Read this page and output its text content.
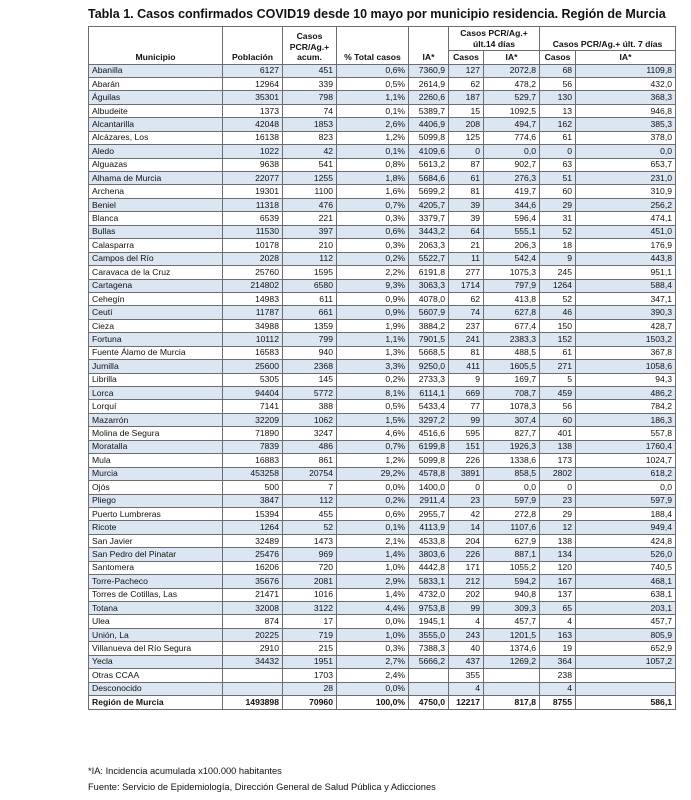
Tabla 1. Casos confirmados COVID19 desde 10 mayo por municipio residencia. Región de Murcia
Municipio	Población	Casos PCR/Ag.+ acum.	% Total casos	IA*	Casos PCR/Ag.+ últ.14 días		Casos PCR/Ag.+ últ. 7 días	
					Casos	IA*	Casos	IA*
Abanilla	6127	451	0,6%	7360,9	127	2072,8	68	1109,8
Abarán	12964	339	0,5%	2614,9	62	478,2	56	432,0
Águilas	35301	798	1,1%	2260,6	187	529,7	130	368,3
Albudeite	1373	74	0,1%	5389,7	15	1092,5	13	946,8
Alcantarilla	42048	1853	2,6%	4406,9	208	494,7	162	385,3
Alcázares, Los	16138	823	1,2%	5099,8	125	774,6	61	378,0
Aledo	1022	42	0,1%	4109,6	0	0,0	0	0,0
Alguazas	9638	541	0,8%	5613,2	87	902,7	63	653,7
Alhama de Murcia	22077	1255	1,8%	5684,6	61	276,3	51	231,0
Archena	19301	1100	1,6%	5699,2	81	419,7	60	310,9
Beniel	11318	476	0,7%	4205,7	39	344,6	29	256,2
Blanca	6539	221	0,3%	3379,7	39	596,4	31	474,1
Bullas	11530	397	0,6%	3443,2	64	555,1	52	451,0
Calasparra	10178	210	0,3%	2063,3	21	206,3	18	176,9
Campos del Río	2028	112	0,2%	5522,7	11	542,4	9	443,8
Caravaca de la Cruz	25760	1595	2,2%	6191,8	277	1075,3	245	951,1
Cartagena	214802	6580	9,3%	3063,3	1714	797,9	1264	588,4
Cehegín	14983	611	0,9%	4078,0	62	413,8	52	347,1
Ceutí	11787	661	0,9%	5607,9	74	627,8	46	390,3
Cieza	34988	1359	1,9%	3884,2	237	677,4	150	428,7
Fortuna	10112	799	1,1%	7901,5	241	2383,3	152	1503,2
Fuente Álamo de Murcia	16583	940	1,3%	5668,5	81	488,5	61	367,8
Jumilla	25600	2368	3,3%	9250,0	411	1605,5	271	1058,6
Librilla	5305	145	0,2%	2733,3	9	169,7	5	94,3
Lorca	94404	5772	8,1%	6114,1	669	708,7	459	486,2
Lorquí	7141	388	0,5%	5433,4	77	1078,3	56	784,2
Mazarrón	32209	1062	1,5%	3297,2	99	307,4	60	186,3
Molina de Segura	71890	3247	4,6%	4516,6	595	827,7	401	557,8
Moratalla	7839	486	0,7%	6199,8	151	1926,3	138	1760,4
Mula	16883	861	1,2%	5099,8	226	1338,6	173	1024,7
Murcia	453258	20754	29,2%	4578,8	3891	858,5	2802	618,2
Ojós	500	7	0,0%	1400,0	0	0,0	0	0,0
Pliego	3847	112	0,2%	2911,4	23	597,9	23	597,9
Puerto Lumbreras	15394	455	0,6%	2955,7	42	272,8	29	188,4
Ricote	1264	52	0,1%	4113,9	14	1107,6	12	949,4
San Javier	32489	1473	2,1%	4533,8	204	627,9	138	424,8
San Pedro del Pinatar	25476	969	1,4%	3803,6	226	887,1	134	526,0
Santomera	16206	720	1,0%	4442,8	171	1055,2	120	740,5
Torre-Pacheco	35676	2081	2,9%	5833,1	212	594,2	167	468,1
Torres de Cotillas, Las	21471	1016	1,4%	4732,0	202	940,8	137	638,1
Totana	32008	3122	4,4%	9753,8	99	309,3	65	203,1
Ulea	874	17	0,0%	1945,1	4	457,7	4	457,7
Unión, La	20225	719	1,0%	3555,0	243	1201,5	163	805,9
Villanueva del Río Segura	2910	215	0,3%	7388,3	40	1374,6	19	652,9
Yecla	34432	1951	2,7%	5666,2	437	1269,2	364	1057,2
Otras CCAA		1703	2,4%		355		238	
Desconocido		28	0,0%		4		4	
Región de Murcia	1493898	70960	100,0%	4750,0	12217	817,8	8755	586,1
*IA: Incidencia acumulada x100.000 habitantes
Fuente: Servicio de Epidemiología, Dirección General de Salud Pública y Adicciones
